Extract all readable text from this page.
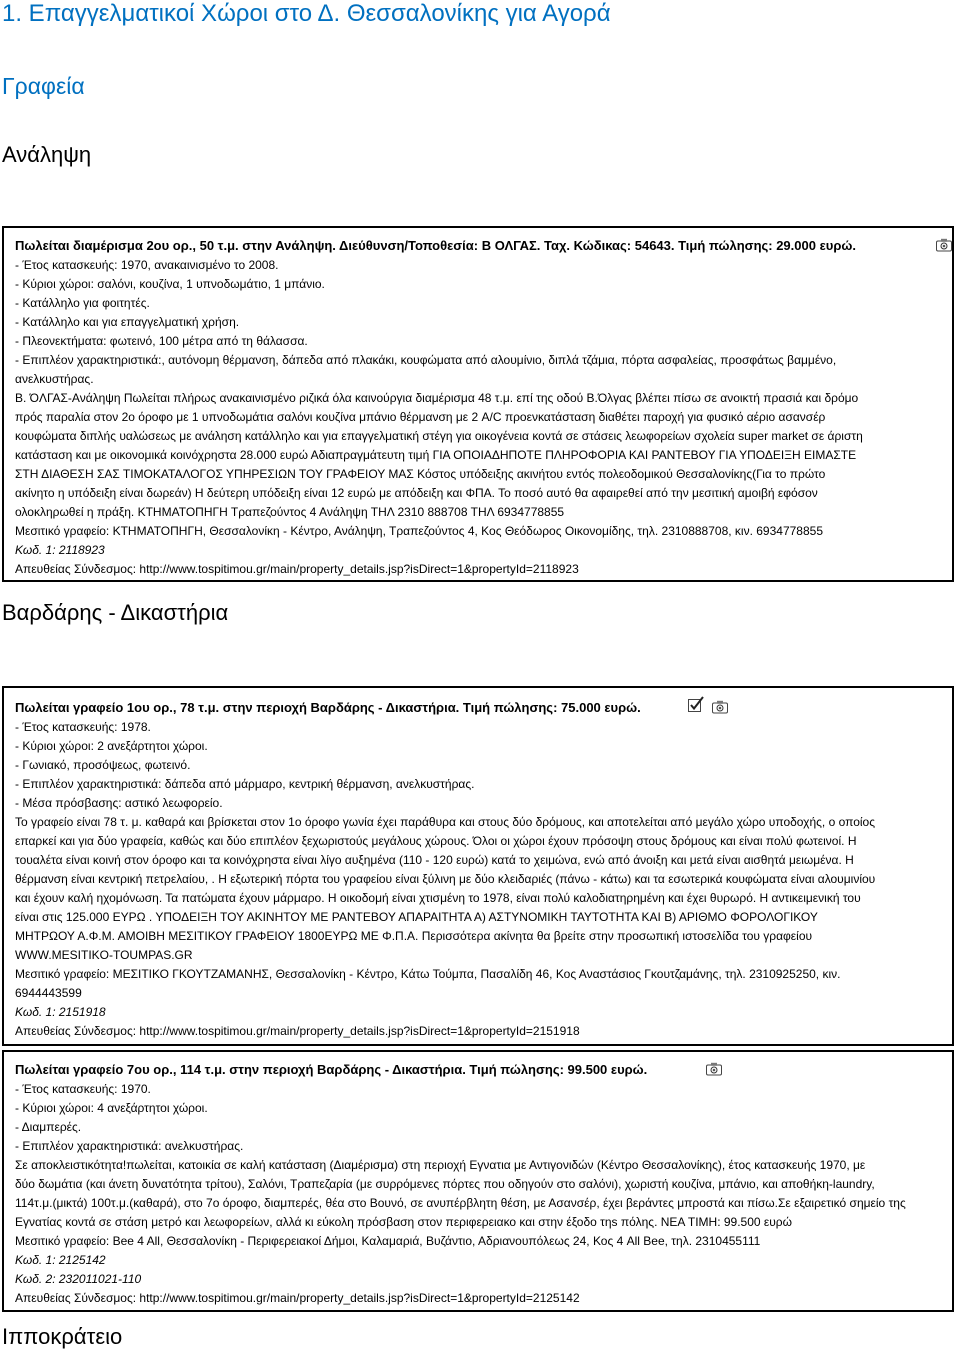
1. Επαγγελματικοί Χώροι στο Δ. Θεσσαλονίκης για Αγορά
Γραφεία
Ανάληψη
Πωλείται διαμέρισμα 2ου ορ., 50 τ.μ. στην Ανάληψη. Διεύθυνση/Τοποθεσία: Β ΟΛΓΑΣ. Ταχ. Κώδικας: 54643. Τιμή πώλησης: 29.000 ευρώ.
- Έτος κατασκευής: 1970, ανακαινισμένο το 2008.
- Κύριοι χώροι: σαλόνι, κουζίνα, 1 υπνοδωμάτιο, 1 μπάνιο.
- Κατάλληλο για φοιτητές.
- Κατάλληλο και για επαγγελματική χρήση.
- Πλεονεκτήματα: φωτεινό, 100 μέτρα από τη θάλασσα.
- Επιπλέον χαρακτηριστικά:, αυτόνομη θέρμανση, δάπεδα από πλακάκι, κουφώματα από αλουμίνιο, διπλά τζάμια, πόρτα ασφαλείας, προσφάτως βαμμένο,
ανελκυστήρας.
Β. ΌΛΓΑΣ-Ανάληψη Πωλείται πλήρως ανακαινισμένο ριζικά όλα καινούργια διαμέρισμα 48 τ.μ. επί της οδού Β.Όλγας βλέπει πίσω σε ανοικτή πρασιά και δρόμο
πρός παραλία στον 2ο όροφο με 1 υπνοδωμάτια σαλόνι κουζίνα μπάνιο θέρμανση με 2 A/C προενκατάσταση διαθέτει παροχή για φυσικό αέριο ασανσέρ
κουφώματα διπλής υαλώσεως με ανάληση κατάλληλο και για επαγγελματική στέγη για οικογένεια κοντά σε στάσεις λεωφορείων σχολεία super market σε άριστη
κατάσταση και με οικονομικά κοινόχρηστα 28.000 ευρώ Αδιαπραγμάτευτη τιμή ΓΙΑ ΟΠΟΙΑΔΗΠΟΤΕ ΠΛΗΡΟΦΟΡΙΑ ΚΑΙ ΡΑΝΤΕΒΟΥ ΓΙΑ ΥΠΟΔΕΙΞΗ ΕΙΜΑΣΤΕ
ΣΤΗ ΔΙΑΘΕΣΗ ΣΑΣ ΤΙΜΟΚΑΤΑΛΟΓΟΣ ΥΠΗΡΕΣΙΩΝ ΤΟΥ ΓΡΑΦΕΙΟΥ ΜΑΣ Κόστος υπόδειξης ακινήτου εντός πολεοδομικού Θεσσαλονίκης(Για το πρώτο
ακίνητο η υπόδειξη είναι δωρεάν) Η δεύτερη υπόδειξη είναι 12 ευρώ με απόδειξη και ΦΠΑ. Το ποσό αυτό θα αφαιρεθεί από την μεσιτική αμοιβή εφόσον
ολοκληρωθεί η πράξη. ΚΤΗΜΑΤΟΠΗΓΗ Τραπεζούντος 4 Ανάληψη ΤΗΛ 2310 888708 ΤΗΛ 6934778855
Μεσιτικό γραφείο: ΚΤΗΜΑΤΟΠΗΓΗ, Θεσσαλονίκη - Κέντρο, Ανάληψη, Τραπεζούντος 4, Κος Θεόδωρος Οικονομίδης, τηλ. 2310888708, κιν. 6934778855
Κωδ. 1: 2118923
Απευθείας Σύνδεσμος: http://www.tospitimou.gr/main/property_details.jsp?isDirect=1&propertyId=2118923
Βαρδάρης - Δικαστήρια
Πωλείται γραφείο 1ου ορ., 78 τ.μ. στην περιοχή Βαρδάρης - Δικαστήρια. Τιμή πώλησης: 75.000 ευρώ.
- Έτος κατασκευής: 1978.
- Κύριοι χώροι: 2 ανεξάρτητοι χώροι.
- Γωνιακό, προσόψεως, φωτεινό.
- Επιπλέον χαρακτηριστικά: δάπεδα από μάρμαρο, κεντρική θέρμανση, ανελκυστήρας.
- Μέσα πρόσβασης: αστικό λεωφορείο.
Το γραφείο είναι 78 τ. μ. καθαρά και βρίσκεται στον 1ο όροφο γωνία έχει παράθυρα και στους δύο δρόμους, και αποτελείται από μεγάλο χώρο υποδοχής, ο οποίος
επαρκεί και για δύο γραφεία, καθώς και δύο επιπλέον ξεχωριστούς μεγάλους χώρους. Όλοι οι χώροι έχουν πρόσοψη στους δρόμους και είναι πολύ φωτεινοί. Η
τουαλέτα είναι κοινή στον όροφο και τα κοινόχρηστα είναι λίγο αυξημένα (110 - 120 ευρώ) κατά το χειμώνα, ενώ από άνοιξη και μετά είναι αισθητά μειωμένα. Η
θέρμανση είναι κεντρική πετρελαίου, . Η εξωτερική πόρτα του γραφείου είναι ξύλινη με δύο κλειδαριές (πάνω - κάτω) και τα εσωτερικά κουφώματα είναι αλουμινίου
και έχουν καλή ηχομόνωση. Τα πατώματα έχουν μάρμαρο. Η οικοδομή είναι χτισμένη το 1978, είναι πολύ καλοδιατηρημένη και έχει θυρωρό. Η αντικειμενική του
είναι στις 125.000 ΕΥΡΩ . ΥΠΟΔΕΙΞΗ ΤΟΥ ΑΚΙΝΗΤΟΥ ΜΕ ΡΑΝΤΕΒΟΥ ΑΠΑΡΑΙΤΗΤΑ Α) ΑΣΤΥΝΟΜΙΚΗ ΤΑΥΤΟΤΗΤΑ ΚΑΙ Β) ΑΡΙΘΜΟ ΦΟΡΟΛΟΓΙΚΟΥ
ΜΗΤΡΩΟΥ Α.Φ.Μ. ΑΜΟΙΒΗ ΜΕΣΙΤΙΚΟΥ ΓΡΑΦΕΙΟΥ 1800ΕΥΡΩ ΜΕ Φ.Π.Α. Περισσότερα ακίνητα θα βρείτε στην προσωπική ιστοσελίδα του γραφείου
WWW.MESITIKO-TOUMPAS.GR
Μεσιτικό γραφείο: ΜΕΣΙΤΙΚΟ ΓΚΟΥΤΖΑΜΑΝΗΣ, Θεσσαλονίκη - Κέντρο, Κάτω Τούμπα, Πασαλίδη 46, Κος Αναστάσιος Γκουτζαμάνης, τηλ. 2310925250, κιν.
6944443599
Κωδ. 1: 2151918
Απευθείας Σύνδεσμος: http://www.tospitimou.gr/main/property_details.jsp?isDirect=1&propertyId=2151918
Πωλείται γραφείο 7ου ορ., 114 τ.μ. στην περιοχή Βαρδάρης - Δικαστήρια. Τιμή πώλησης: 99.500 ευρώ.
- Έτος κατασκευής: 1970.
- Κύριοι χώροι: 4 ανεξάρτητοι χώροι.
- Διαμπερές.
- Επιπλέον χαρακτηριστικά: ανελκυστήρας.
Σε αποκλειστικότητα!πωλείται, κατοικία σε καλή κατάσταση (Διαμέρισμα) στη περιοχή Εγνατια με Αντιγονιδών (Κέντρο Θεσσαλονίκης), έτος κατασκευής 1970, με
δύο δωμάτια (και άνετη δυνατότητα τρίτου), Σαλόνι, Τραπεζαρία (με συρρόμενες πόρτες που οδηγούν στο σαλόνι), χωριστή κουζίνα, μπάνιο, και αποθήκη-laundry,
114τ.μ.(μικτά) 100τ.μ.(καθαρά), στο 7ο όροφο, διαμπερές, θέα στο Βουνό, σε ανυπέρβλητη θέση, με Ασανσέρ, έχει βεράντες μπροστά και πίσω.Σε εξαιρετικό σημείο της
Εγνατίας κοντά σε στάση μετρό και λεωφορείων, αλλά κι εύκολη πρόσβαση στον περιφερειακο και στην έξοδο τηs πόλης. ΝΕΑ ΤΙΜΗ: 99.500 ευρώ
Μεσιτικό γραφείο: Bee 4 All, Θεσσαλονίκη - Περιφερειακοί Δήμοι, Καλαμαριά, Βυζάντιο, Αδριανουπόλεως 24, Κος 4 All Bee, τηλ. 2310455111
Κωδ. 1: 2125142
Κωδ. 2: 232011021-110
Απευθείας Σύνδεσμος: http://www.tospitimou.gr/main/property_details.jsp?isDirect=1&propertyId=2125142
Ιπποκράτειο
